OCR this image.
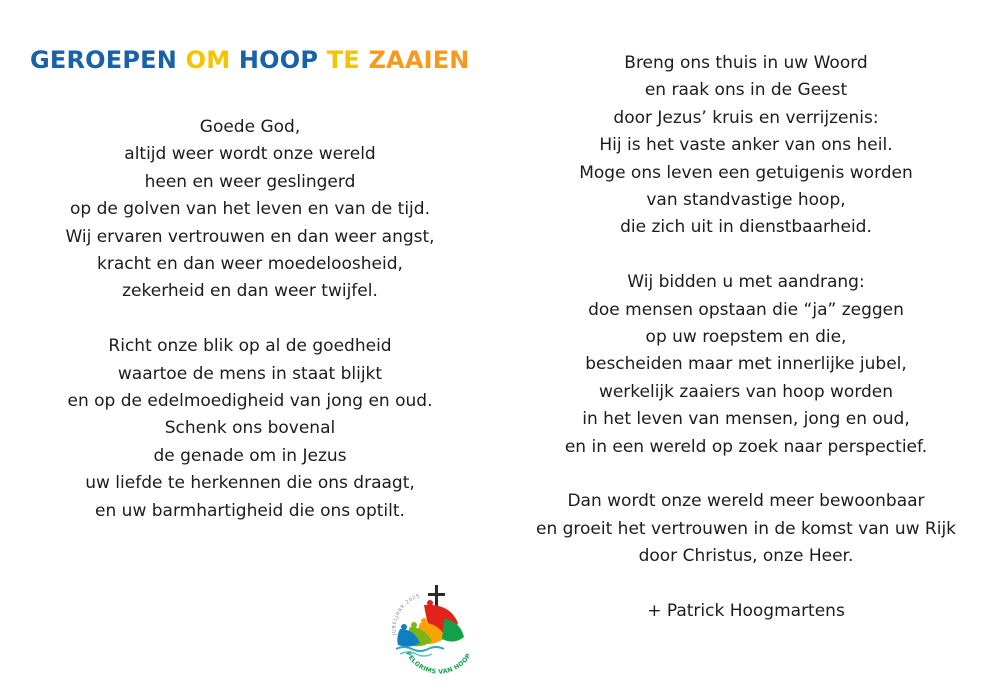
GEROEPEN OM HOOP TE ZAAIEN
Goede God,
altijd weer wordt onze wereld
heen en weer geslingerd
op de golven van het leven en van de tijd.
Wij ervaren vertrouwen en dan weer angst,
kracht en dan weer moedeloosheid,
zekerheid en dan weer twijfel.
Richt onze blik op al de goedheid
waartoe de mens in staat blijkt
en op de edelmoedigheid van jong en oud.
Schenk ons bovenal
de genade om in Jezus
uw liefde te herkennen die ons draagt,
en uw barmhartigheid die ons optilt.
Breng ons thuis in uw Woord
en raak ons in de Geest
door Jezus’ kruis en verrijzenis:
Hij is het vaste anker van ons heil.
Moge ons leven een getuigenis worden
van standvastige hoop,
die zich uit in dienstbaarheid.
Wij bidden u met aandrang:
doe mensen opstaan die “ja” zeggen
op uw roepstem en die,
bescheiden maar met innerlijke jubel,
werkelijk zaaiers van hoop worden
in het leven van mensen, jong en oud,
en in een wereld op zoek naar perspectief.
Dan wordt onze wereld meer bewoonbaar
en groeit het vertrouwen in de komst van uw Rijk
door Christus, onze Heer.
+ Patrick Hoogmartens
JUBELJAAR 2025
PELGRIMS VAN HOOP
